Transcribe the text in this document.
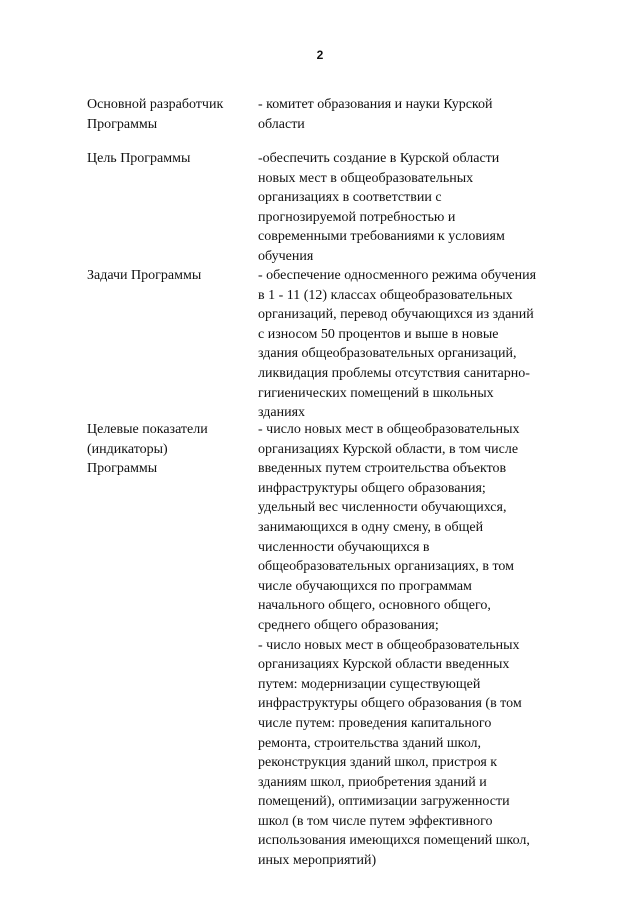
2
Основной разработчик
Программы
- комитет образования и науки Курской
области
Цель Программы	-обеспечить создание в Курской области
новых мест в общеобразовательных
организациях в соответствии с
прогнозируемой потребностью и
современными требованиями к условиям
обучения
Задачи Программы	- обеспечение односменного режима обучения
в 1 - 11 (12) классах общеобразовательных
организаций, перевод обучающихся из зданий
с износом 50 процентов и выше в новые
здания общеобразовательных организаций,
ликвидация проблемы отсутствия санитарно-
гигиенических помещений в школьных
зданиях
Целевые показатели
(индикаторы)
Программы
- число новых мест в общеобразовательных
организациях Курской области, в том числе
введенных путем строительства объектов
инфраструктуры общего образования;
удельный вес численности обучающихся,
занимающихся в одну смену, в общей
численности обучающихся в
общеобразовательных организациях, в том
числе обучающихся по программам
начального общего, основного общего,
среднего общего образования;
- число новых мест в общеобразовательных
организациях Курской области введенных
путем: модернизации существующей
инфраструктуры общего образования (в том
числе путем: проведения капитального
ремонта, строительства зданий школ,
реконструкция зданий школ, пристроя к
зданиям школ, приобретения зданий и
помещений), оптимизации загруженности
школ (в том числе путем эффективного
использования имеющихся помещений школ,
иных мероприятий)
